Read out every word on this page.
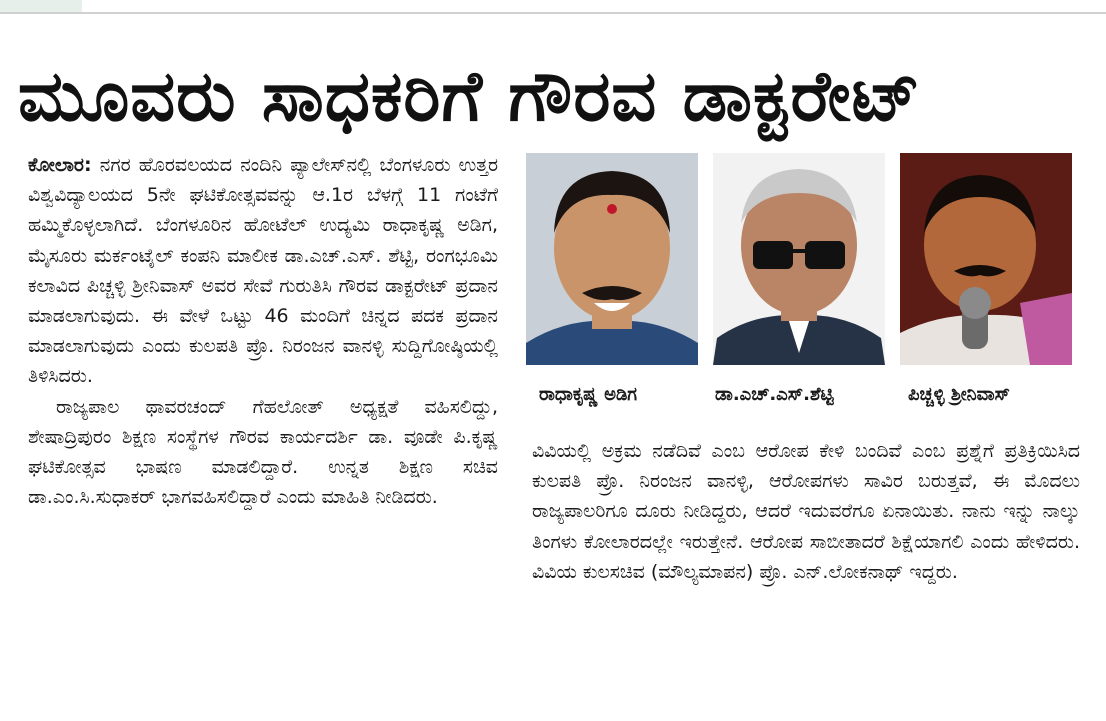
ಮೂವರು ಸಾಧಕರಿಗೆ ಗೌರವ ಡಾಕ್ಟರೇಟ್

ಕೋಲಾರ: ನಗರ ಹೊರವಲಯದ ನಂದಿನಿ ಪ್ಯಾಲೇಸ್‌ನಲ್ಲಿ ಬೆಂಗಳೂರು ಉತ್ತರ ವಿಶ್ವವಿದ್ಯಾಲಯದ 5ನೇ ಘಟಿಕೋತ್ಸವವನ್ನು ಆ.1ರ ಬೆಳಗ್ಗೆ 11 ಗಂಟೆಗೆ ಹಮ್ಮಿಕೊಳ್ಳಲಾಗಿದೆ. ಬೆಂಗಳೂರಿನ ಹೋಟೆಲ್ ಉದ್ಯಮಿ ರಾಧಾಕೃಷ್ಣ ಅಡಿಗ, ಮೈಸೂರು ಮರ್ಕಂಟೈಲ್ ಕಂಪನಿ ಮಾಲೀಕ ಡಾ.ಎಚ್.ಎಸ್. ಶೆಟ್ಟಿ, ರಂಗಭೂಮಿ ಕಲಾವಿದ ಪಿಚ್ಚಳ್ಳಿ ಶ್ರೀನಿವಾಸ್ ಅವರ ಸೇವೆ ಗುರುತಿಸಿ ಗೌರವ ಡಾಕ್ಟರೇಟ್ ಪ್ರದಾನ ಮಾಡಲಾಗುವುದು. ಈ ವೇಳೆ ಒಟ್ಟು 46 ಮಂದಿಗೆ ಚಿನ್ನದ ಪದಕ ಪ್ರದಾನ ಮಾಡಲಾಗುವುದು ಎಂದು ಕುಲಪತಿ ಪ್ರೊ. ನಿರಂಜನ ವಾನಳ್ಳಿ ಸುದ್ದಿಗೋಷ್ಠಿಯಲ್ಲಿ ತಿಳಿಸಿದರು.

ರಾಜ್ಯಪಾಲ ಥಾವರಚಂದ್ ಗೆಹಲೋತ್ ಅಧ್ಯಕ್ಷತೆ ವಹಿಸಲಿದ್ದು, ಶೇಷಾದ್ರಿಪುರಂ ಶಿಕ್ಷಣ ಸಂಸ್ಥೆಗಳ ಗೌರವ ಕಾರ್ಯದರ್ಶಿ ಡಾ. ವೂಡೇ ಪಿ.ಕೃಷ್ಣ ಘಟಿಕೋತ್ಸವ ಭಾಷಣ ಮಾಡಲಿದ್ದಾರೆ. ಉನ್ನತ ಶಿಕ್ಷಣ ಸಚಿವ ಡಾ.ಎಂ.ಸಿ.ಸುಧಾಕರ್ ಭಾಗವಹಿಸಲಿದ್ದಾರೆ ಎಂದು ಮಾಹಿತಿ ನೀಡಿದರು.

ರಾಧಾಕೃಷ್ಣ ಅಡಿಗ	ಡಾ.ಎಚ್.ಎಸ್.ಶೆಟ್ಟಿ	ಪಿಚ್ಚಳ್ಳಿ ಶ್ರೀನಿವಾಸ್

ವಿವಿಯಲ್ಲಿ ಅಕ್ರಮ ನಡೆದಿವೆ ಎಂಬ ಆರೋಪ ಕೇಳಿ ಬಂದಿವೆ ಎಂಬ ಪ್ರಶ್ನೆಗೆ ಪ್ರತಿಕ್ರಿಯಿಸಿದ ಕುಲಪತಿ ಪ್ರೊ. ನಿರಂಜನ ವಾನಳ್ಳಿ, ಆರೋಪಗಳು ಸಾವಿರ ಬರುತ್ತವೆ, ಈ ಮೊದಲು ರಾಜ್ಯಪಾಲರಿಗೂ ದೂರು ನೀಡಿದ್ದರು, ಆದರೆ ಇದುವರೆಗೂ ಏನಾಯಿತು. ನಾನು ಇನ್ನು ನಾಲ್ಕು ತಿಂಗಳು ಕೋಲಾರದಲ್ಲೇ ಇರುತ್ತೇನೆ. ಆರೋಪ ಸಾಬೀತಾದರೆ ಶಿಕ್ಷೆಯಾಗಲಿ ಎಂದು ಹೇಳಿದರು. ವಿವಿಯ ಕುಲಸಚಿವ (ಮೌಲ್ಯಮಾಪನ) ಪ್ರೊ. ಎನ್.ಲೋಕನಾಥ್ ಇದ್ದರು.
